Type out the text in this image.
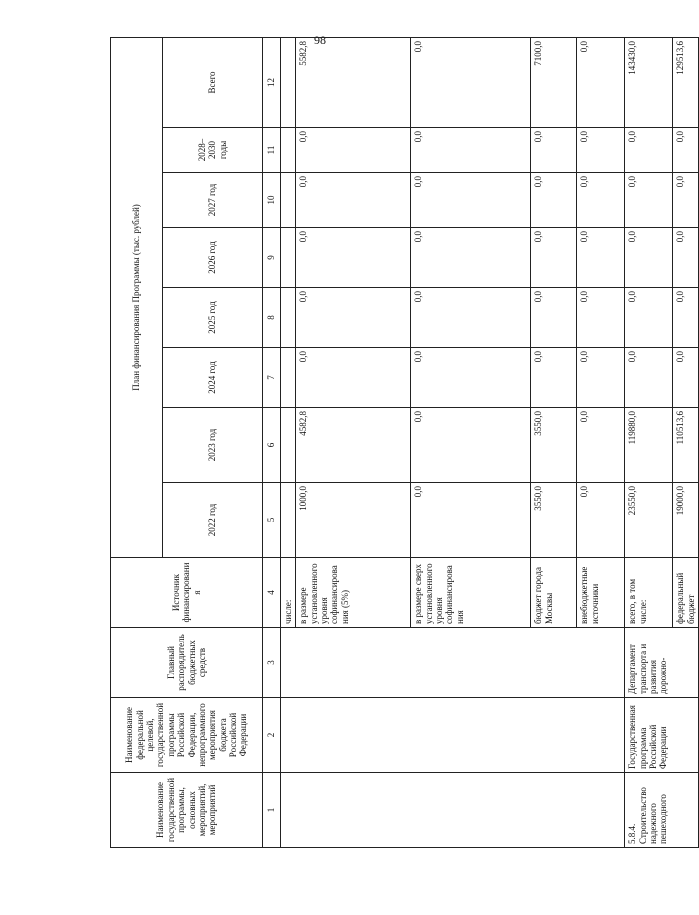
98
Наименование государственной программы, основных мероприятий, мероприятий	Наименование федеральной целевой, государственной программы Российской Федерации, непрограммного мероприятия бюджета Российской Федерации	Главный распорядитель бюджетных средств	Источник финансирования	План финансирования Программы (тыс. рублей)							
				2022 год	2023 год	2024 год	2025 год	2026 год	2027 год	2028–2030 годы	Всего
1	2	3	4	5	6	7	8	9	10	11	12
			числе:								
			в размере установленного уровня софинансирования (5%)	1000,0	4582,8	0,0	0,0	0,0	0,0	0,0	5582,8
			в размере сверх установленного уровня софинансирования	0,0	0,0	0,0	0,0	0,0	0,0	0,0	0,0
			бюджет города Москвы	3550,0	3550,0	0,0	0,0	0,0	0,0	0,0	7100,0
			внебюджетные источники	0,0	0,0	0,0	0,0	0,0	0,0	0,0	0,0
5.8.4. Строительство надежного пешеходного	Государственная программа Российской Федерации	Департамент транспорта и развития дорожно-	всего, в том числе:	23550,0	119880,0	0,0	0,0	0,0	0,0	0,0	143430,0
			федеральный бюджет	19000,0	110513,6	0,0	0,0	0,0	0,0	0,0	129513,6
